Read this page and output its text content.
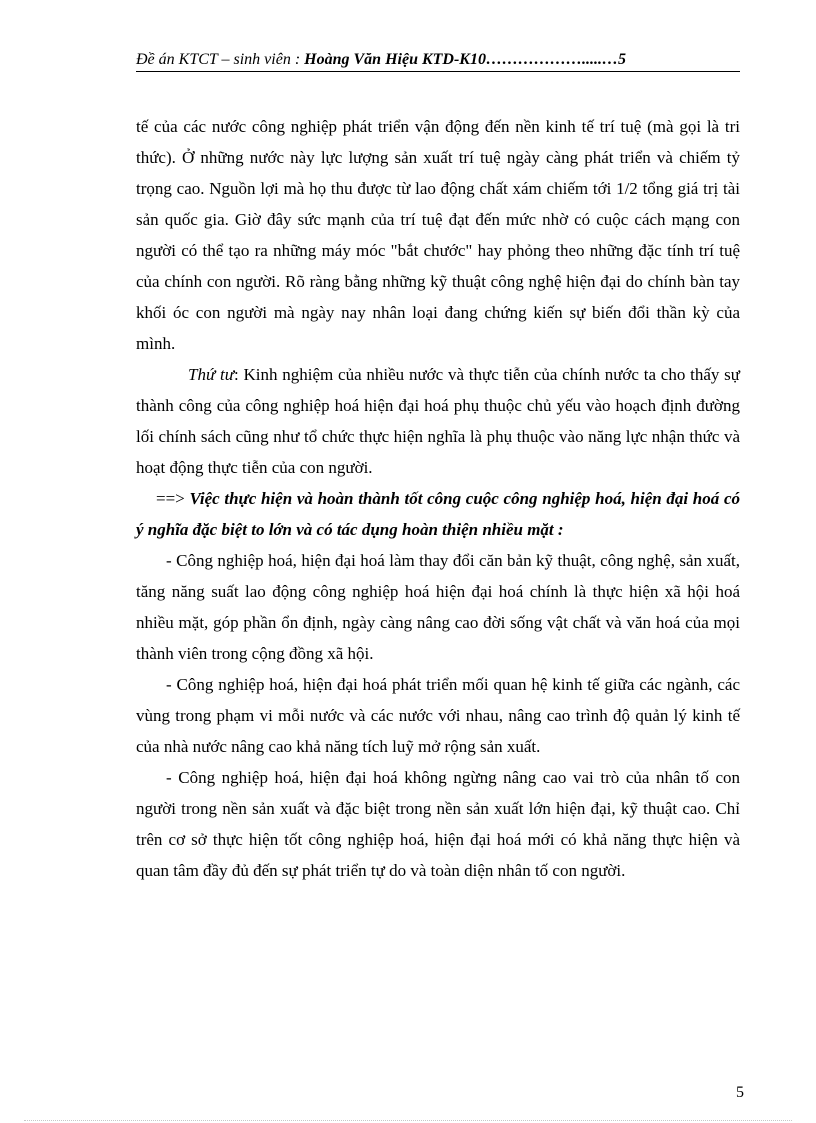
Đề án KTCT – sinh viên : Hoàng Văn Hiệu KTD-K10……………….....…5

tế của các nước công nghiệp phát triển vận động đến nền kinh tế trí tuệ (mà gọi là tri thức). Ở những nước này lực lượng sản xuất trí tuệ ngày càng phát triển và chiếm tỷ trọng cao. Nguồn lợi mà họ thu được từ lao động chất xám chiếm tới 1/2 tổng giá trị tài sản quốc gia. Giờ đây sức mạnh của trí tuệ đạt đến mức nhờ có cuộc cách mạng con người có thể tạo ra những máy móc "bắt chước" hay phỏng theo những đặc tính trí tuệ của chính con người. Rõ ràng bằng những kỹ thuật công nghệ hiện đại do chính bàn tay khối óc con người mà ngày nay nhân loại đang chứng kiến sự biến đổi thần kỳ của mình.

Thứ tư: Kinh nghiệm của nhiều nước và thực tiễn của chính nước ta cho thấy sự thành công của công nghiệp hoá hiện đại hoá phụ thuộc chủ yếu vào hoạch định đường lối chính sách cũng như tổ chức thực hiện nghĩa là phụ thuộc vào năng lực nhận thức và hoạt động thực tiễn của con người.

==> Việc thực hiện và hoàn thành tốt công cuộc công nghiệp hoá, hiện đại hoá có ý nghĩa đặc biệt to lớn và có tác dụng hoàn thiện nhiều mặt :

- Công nghiệp hoá, hiện đại hoá làm thay đổi căn bản kỹ thuật, công nghệ, sản xuất, tăng năng suất lao động công nghiệp hoá hiện đại hoá chính là thực hiện xã hội hoá nhiều mặt, góp phần ổn định, ngày càng nâng cao đời sống vật chất và văn hoá của mọi thành viên trong cộng đồng xã hội.

- Công nghiệp hoá, hiện đại hoá phát triển mối quan hệ kinh tế giữa các ngành, các vùng trong phạm vi mỗi nước và các nước với nhau, nâng cao trình độ quản lý kinh tế của nhà nước nâng cao khả năng tích luỹ mở rộng sản xuất.

- Công nghiệp hoá, hiện đại hoá không ngừng nâng cao vai trò của nhân tố con người trong nền sản xuất và đặc biệt trong nền sản xuất lớn hiện đại, kỹ thuật cao. Chỉ trên cơ sở thực hiện tốt công nghiệp hoá, hiện đại hoá mới có khả năng thực hiện và quan tâm đầy đủ đến sự phát triển tự do và toàn diện nhân tố con người.

5
